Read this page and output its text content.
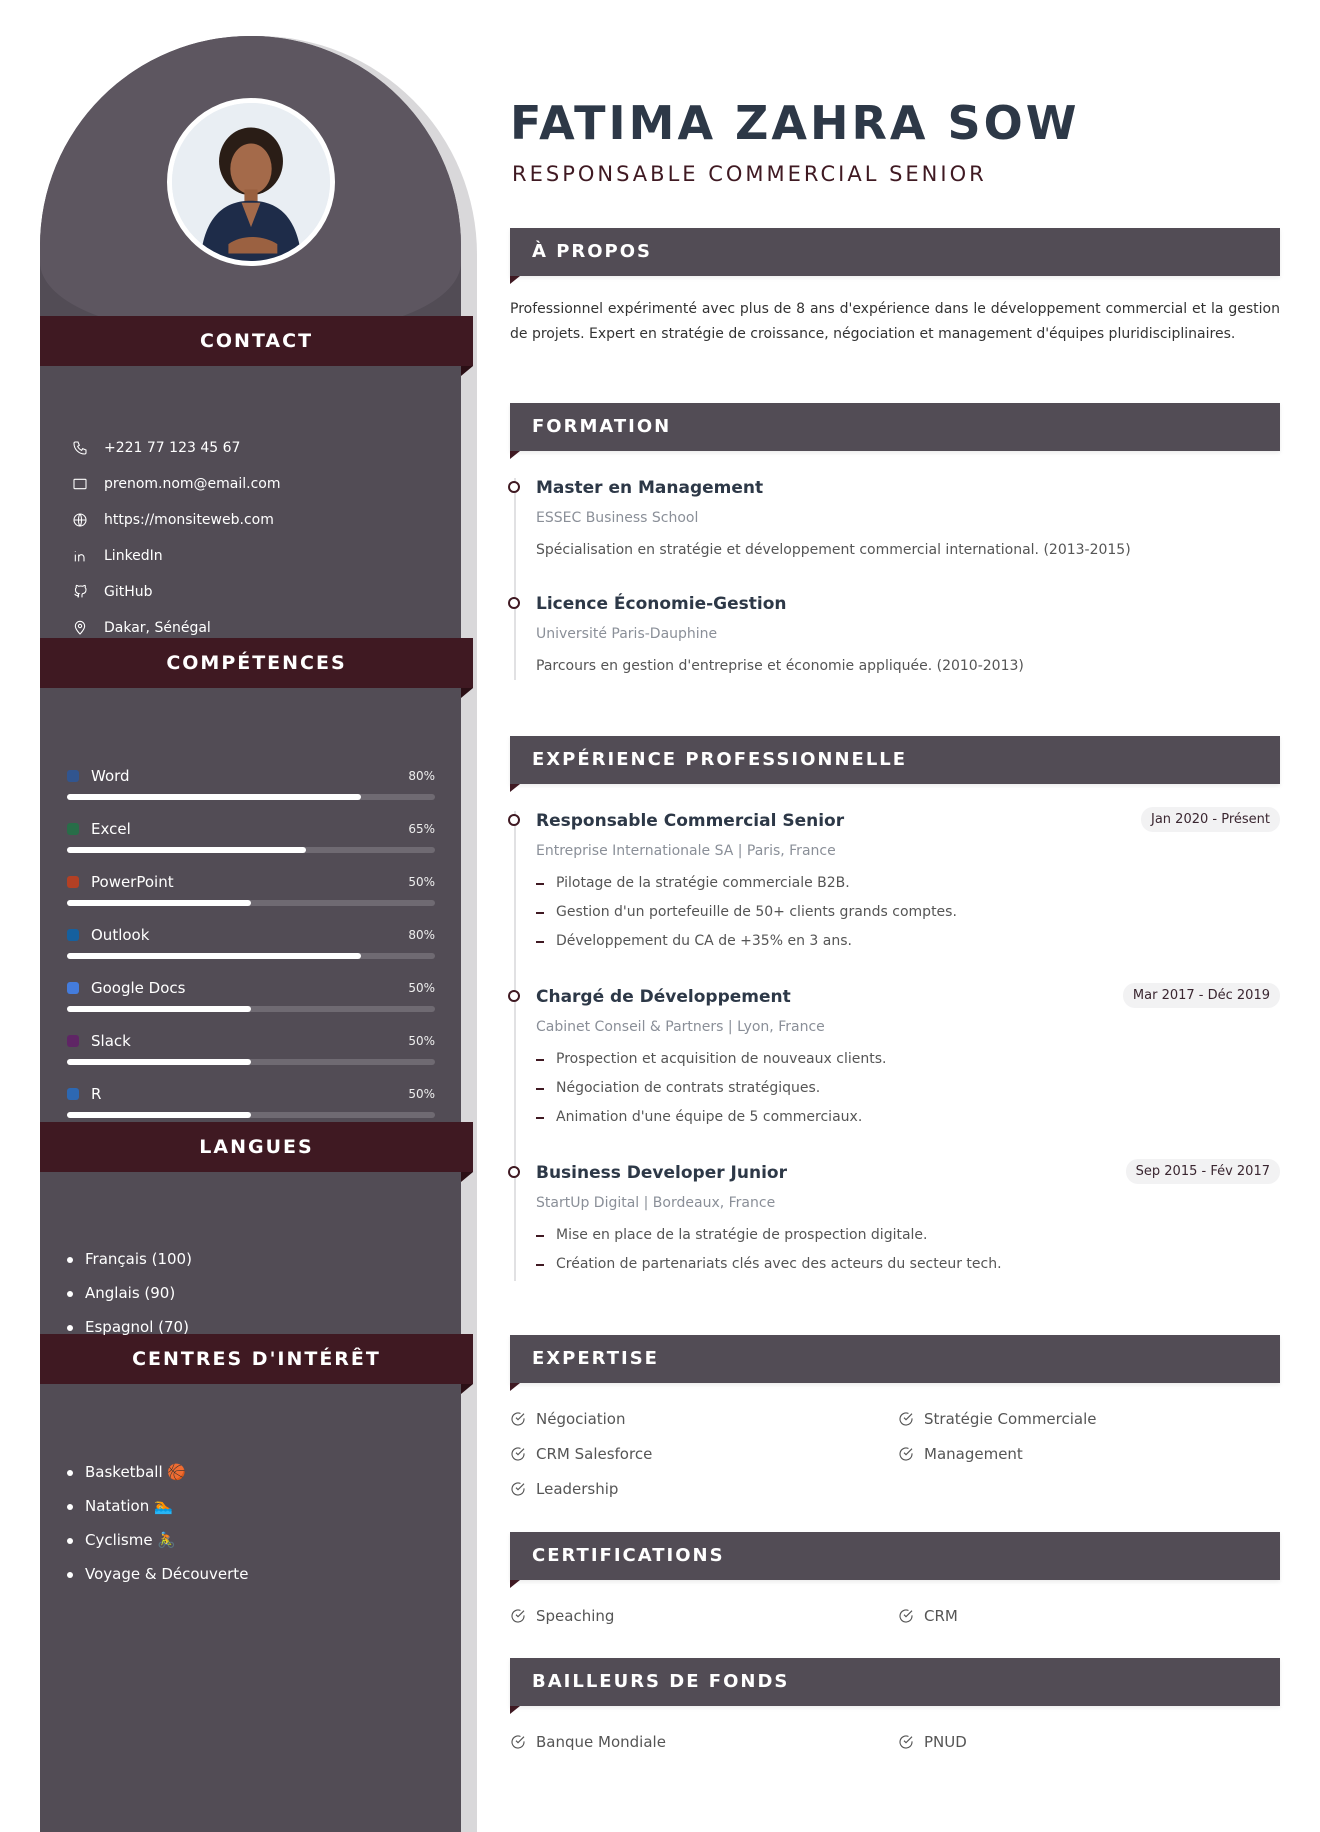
CONTACT
COMPÉTENCES
LANGUES
CENTRES D'INTÉRÊT
+221 77 123 45 67
prenom.nom@email.com
https://monsiteweb.com
LinkedIn
GitHub
Dakar, Sénégal
Word	80%
Excel	65%
PowerPoint	50%
Outlook	80%
Google Docs	50%
Slack	50%
R	50%
Français (100)
Anglais (90)
Espagnol (70)
Basketball 🏀
Natation 🏊
Cyclisme 🚴
Voyage & Découverte
FATIMA ZAHRA SOW
RESPONSABLE COMMERCIAL SENIOR
À PROPOS
Professionnel expérimenté avec plus de 8 ans d'expérience dans le développement commercial et la gestion de projets. Expert en stratégie de croissance, négociation et management d'équipes pluridisciplinaires.
FORMATION
Master en Management
ESSEC Business School
Spécialisation en stratégie et développement commercial international. (2013-2015)
Licence Économie-Gestion
Université Paris-Dauphine
Parcours en gestion d'entreprise et économie appliquée. (2010-2013)
EXPÉRIENCE PROFESSIONNELLE
Jan 2020 - Présent
Responsable Commercial Senior
Entreprise Internationale SA | Paris, France
Pilotage de la stratégie commerciale B2B.
Gestion d'un portefeuille de 50+ clients grands comptes.
Développement du CA de +35% en 3 ans.
Mar 2017 - Déc 2019
Chargé de Développement
Cabinet Conseil & Partners | Lyon, France
Prospection et acquisition de nouveaux clients.
Négociation de contrats stratégiques.
Animation d'une équipe de 5 commerciaux.
Sep 2015 - Fév 2017
Business Developer Junior
StartUp Digital | Bordeaux, France
Mise en place de la stratégie de prospection digitale.
Création de partenariats clés avec des acteurs du secteur tech.
EXPERTISE
Négociation	Stratégie Commerciale
CRM Salesforce	Management
Leadership
CERTIFICATIONS
Speaching	CRM
BAILLEURS DE FONDS
Banque Mondiale	PNUD
